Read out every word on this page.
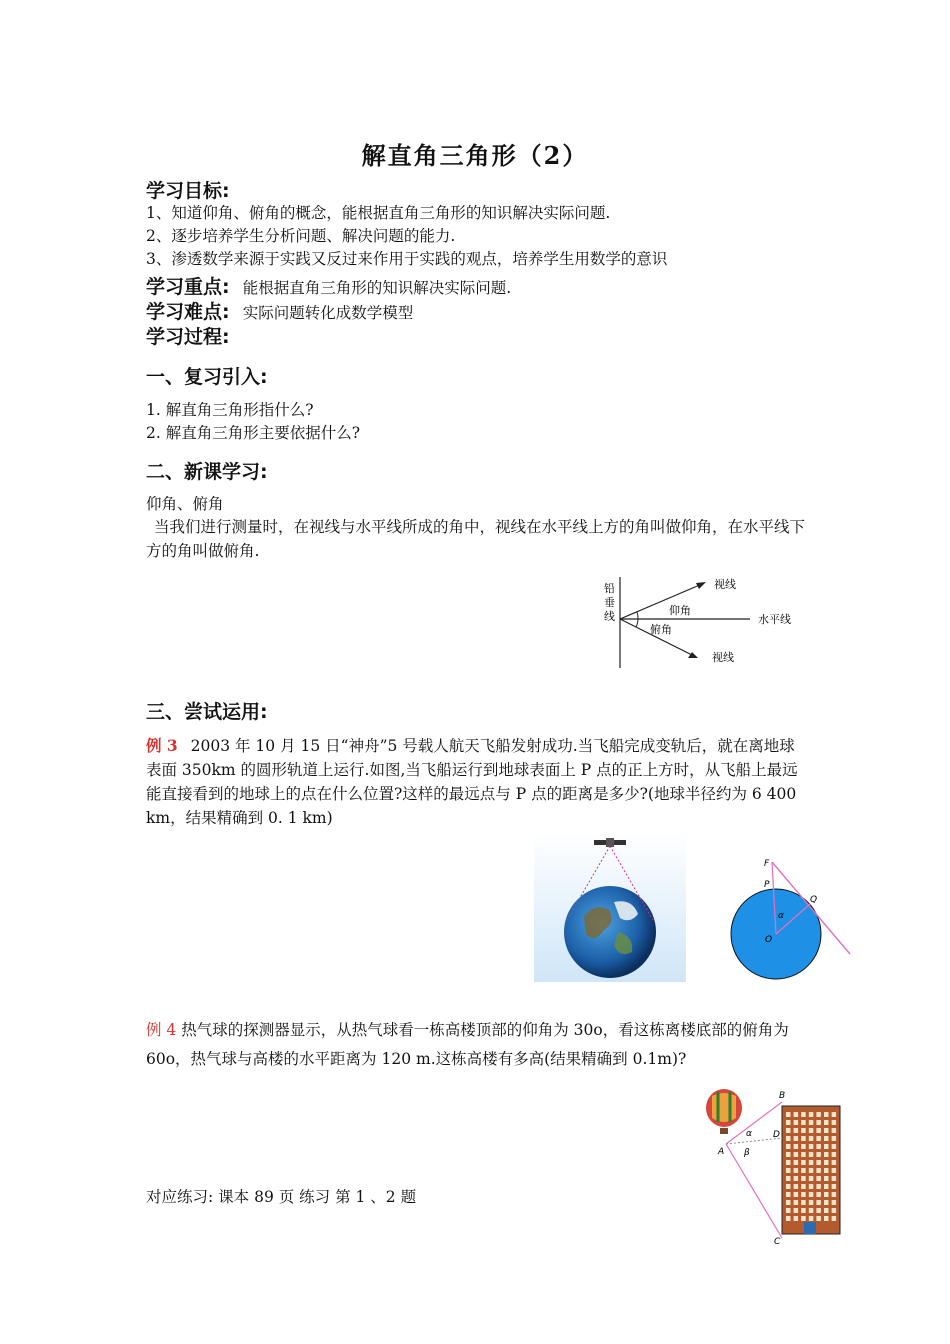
解直角三角形（2）
学习目标:
1、知道仰角、俯角的概念，能根据直角三角形的知识解决实际问题.
2、逐步培养学生分析问题、解决问题的能力.
3、渗透数学来源于实践又反过来作用于实践的观点，培养学生用数学的意识
学习重点: 能根据直角三角形的知识解决实际问题.
学习难点: 实际问题转化成数学模型
学习过程:
一、复习引入:
1. 解直角三角形指什么?
2. 解直角三角形主要依据什么?
二、新课学习:
仰角、俯角
当我们进行测量时，在视线与水平线所成的角中，视线在水平线上方的角叫做仰角，在水平线下方的角叫做俯角.
铅
垂
线
视线
视线
仰角
俯角
水平线
三、尝试运用:
例 3 2003 年 10 月 15 日“神舟”5 号载人航天飞船发射成功.当飞船完成变轨后，就在离地球表面 350km 的圆形轨道上运行.如图,当飞船运行到地球表面上 P 点的正上方时，从飞船上最远能直接看到的地球上的点在什么位置?这样的最远点与 P 点的距离是多少?(地球半径约为 6 400 km，结果精确到 0. 1 km)
F
P
Q
O
α
例 4 热气球的探测器显示，从热气球看一栋高楼顶部的仰角为 30o，看这栋离楼底部的俯角为 60o，热气球与高楼的水平距离为 120 m.这栋高楼有多高(结果精确到 0.1m)?
B
C
D
A
α
β
对应练习: 课本 89 页 练习 第 1 、2 题
